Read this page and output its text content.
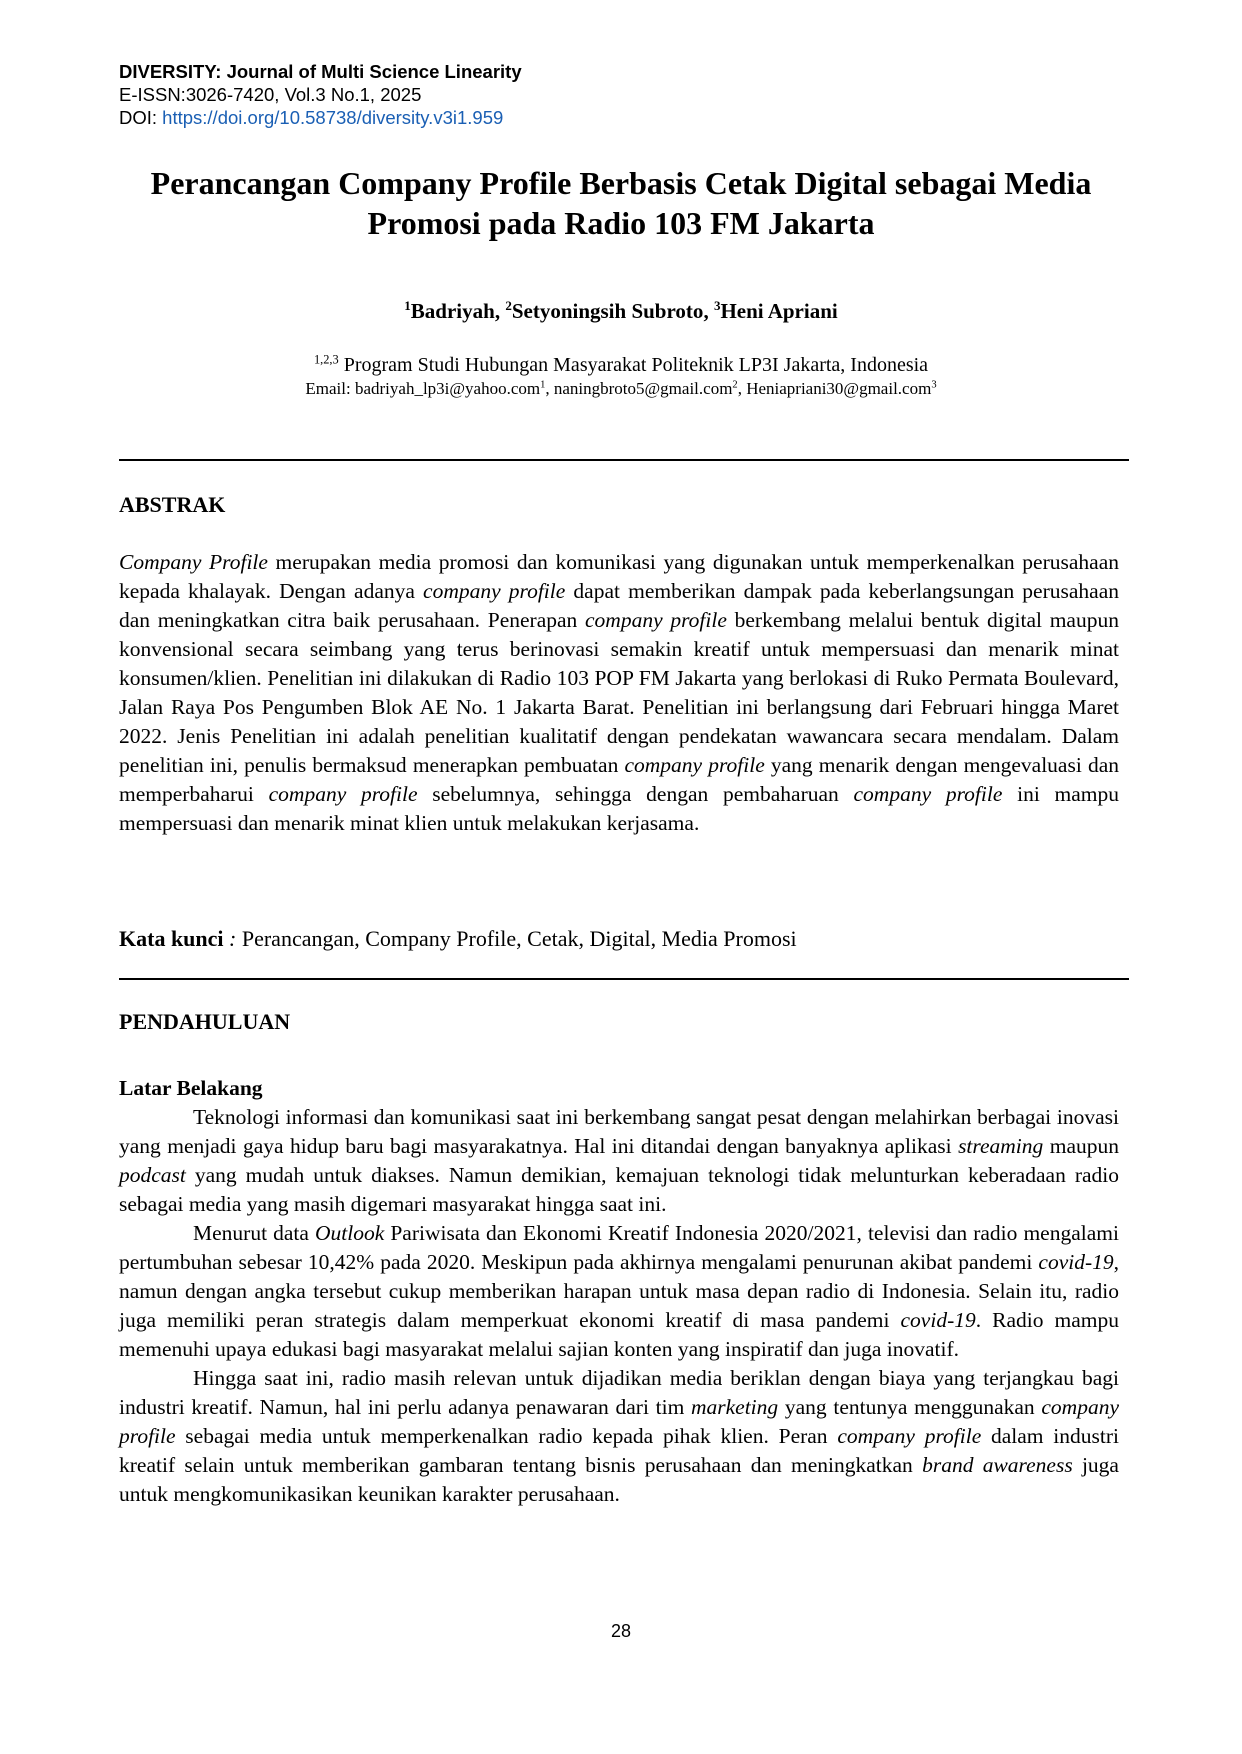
DIVERSITY: Journal of Multi Science Linearity
E-ISSN:3026-7420, Vol.3 No.1, 2025
DOI: https://doi.org/10.58738/diversity.v3i1.959
Perancangan Company Profile Berbasis Cetak Digital sebagai Media
Promosi pada Radio 103 FM Jakarta
$^1$Badriyah, $^2$Setyoningsih Subroto, $^3$Heni Apriani
$^{1,2,3}$ Program Studi Hubungan Masyarakat Politeknik LP3I Jakarta, Indonesia
Email: badriyah_lp3i@yahoo.com$^1$, naningbroto5@gmail.com$^2$, Heniapriani30@gmail.com$^3$
ABSTRAK

Company Profile merupakan media promosi dan komunikasi yang digunakan untuk memperkenalkan perusahaan kepada khalayak. Dengan adanya company profile dapat memberikan dampak pada keberlangsungan perusahaan dan meningkatkan citra baik perusahaan. Penerapan company profile berkembang melalui bentuk digital maupun konvensional secara seimbang yang terus berinovasi semakin kreatif untuk mempersuasi dan menarik minat konsumen/klien. Penelitian ini dilakukan di Radio 103 POP FM Jakarta yang berlokasi di Ruko Permata Boulevard, Jalan Raya Pos Pengumben Blok AE No. 1 Jakarta Barat. Penelitian ini berlangsung dari Februari hingga Maret 2022. Jenis Penelitian ini adalah penelitian kualitatif dengan pendekatan wawancara secara mendalam. Dalam penelitian ini, penulis bermaksud menerapkan pembuatan company profile yang menarik dengan mengevaluasi dan memperbaharui company profile sebelumnya, sehingga dengan pembaharuan company profile ini mampu mempersuasi dan menarik minat klien untuk melakukan kerjasama.

Kata kunci : Perancangan, Company Profile, Cetak, Digital, Media Promosi
PENDAHULUAN
Latar Belakang

Teknologi informasi dan komunikasi saat ini berkembang sangat pesat dengan melahirkan berbagai inovasi yang menjadi gaya hidup baru bagi masyarakatnya. Hal ini ditandai dengan banyaknya aplikasi streaming maupun podcast yang mudah untuk diakses. Namun demikian, kemajuan teknologi tidak melunturkan keberadaan radio sebagai media yang masih digemari masyarakat hingga saat ini.

Menurut data Outlook Pariwisata dan Ekonomi Kreatif Indonesia 2020/2021, televisi dan radio mengalami pertumbuhan sebesar 10,42% pada 2020. Meskipun pada akhirnya mengalami penurunan akibat pandemi covid-19, namun dengan angka tersebut cukup memberikan harapan untuk masa depan radio di Indonesia. Selain itu, radio juga memiliki peran strategis dalam memperkuat ekonomi kreatif di masa pandemi covid-19. Radio mampu memenuhi upaya edukasi bagi masyarakat melalui sajian konten yang inspiratif dan juga inovatif.

Hingga saat ini, radio masih relevan untuk dijadikan media beriklan dengan biaya yang terjangkau bagi industri kreatif. Namun, hal ini perlu adanya penawaran dari tim marketing yang tentunya menggunakan company profile sebagai media untuk memperkenalkan radio kepada pihak klien. Peran company profile dalam industri kreatif selain untuk memberikan gambaran tentang bisnis perusahaan dan meningkatkan brand awareness juga untuk mengkomunikasikan keunikan karakter perusahaan.

28
